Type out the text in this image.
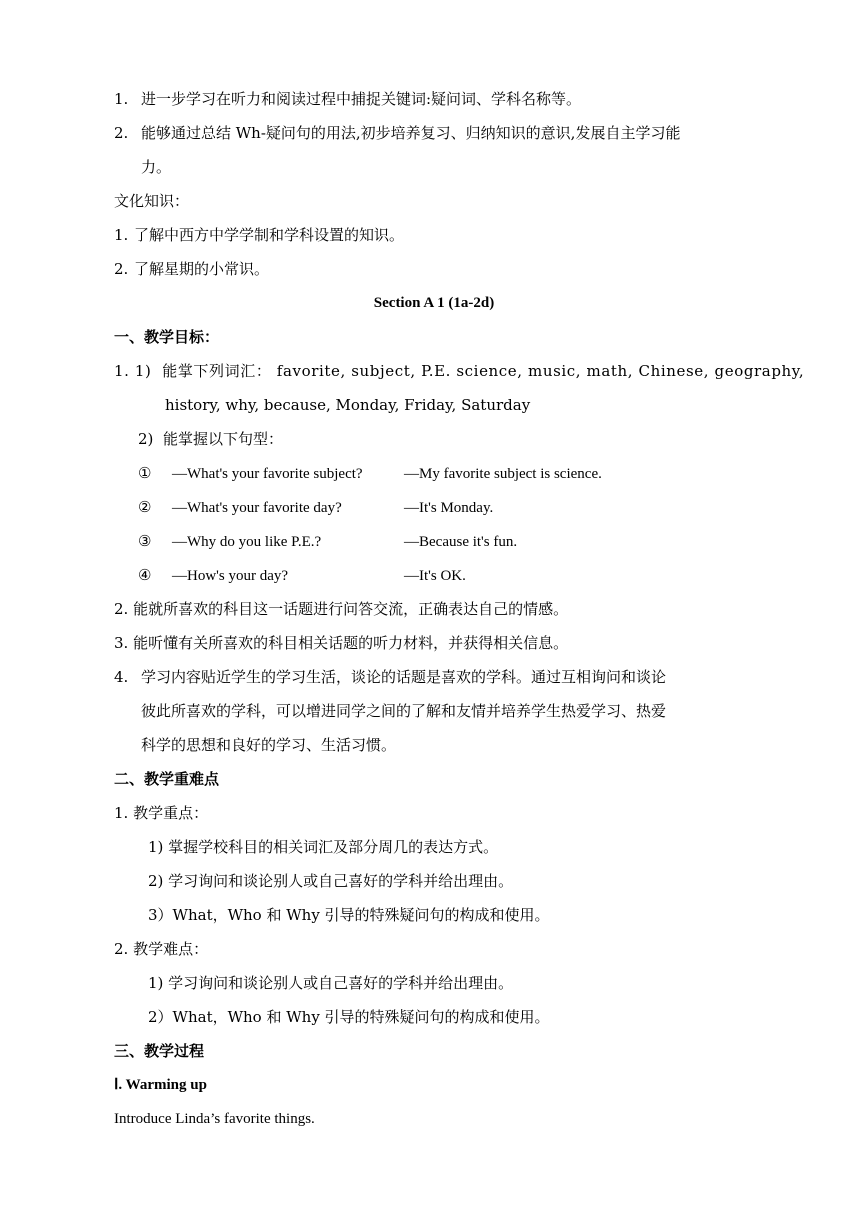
1. 进一步学习在听力和阅读过程中捕捉关键词:疑问词、学科名称等。
2. 能够通过总结 Wh-疑问句的用法,初步培养复习、归纳知识的意识,发展自主学习能
力。
文化知识：
1. 了解中西方中学学制和学科设置的知识。
2. 了解星期的小常识。
Section A 1 (1a-2d)
一、教学目标：
1. 1) 能掌下列词汇： favorite, subject, P.E. science, music, math, Chinese, geography,
history, why, because, Monday, Friday, Saturday
2) 能掌握以下句型：
① —What's your favorite subject?	—My favorite subject is science.
② —What's your favorite day?	—It's Monday.
③ —Why do you like P.E.?	—Because it's fun.
④ —How's your day?	—It's OK.
2. 能就所喜欢的科目这一话题进行问答交流，正确表达自己的情感。
3. 能听懂有关所喜欢的科目相关话题的听力材料，并获得相关信息。
4. 学习内容贴近学生的学习生活，谈论的话题是喜欢的学科。通过互相询问和谈论
彼此所喜欢的学科，可以增进同学之间的了解和友情并培养学生热爱学习、热爱
科学的思想和良好的学习、生活习惯。
二、教学重难点
1. 教学重点：
1) 掌握学校科目的相关词汇及部分周几的表达方式。
2) 学习询问和谈论别人或自己喜好的学科并给出理由。
3）What，Who 和 Why 引导的特殊疑问句的构成和使用。
2. 教学难点：
1) 学习询问和谈论别人或自己喜好的学科并给出理由。
2）What，Who 和 Why 引导的特殊疑问句的构成和使用。
三、教学过程
Ⅰ. Warming up
Introduce Linda’s favorite things.
